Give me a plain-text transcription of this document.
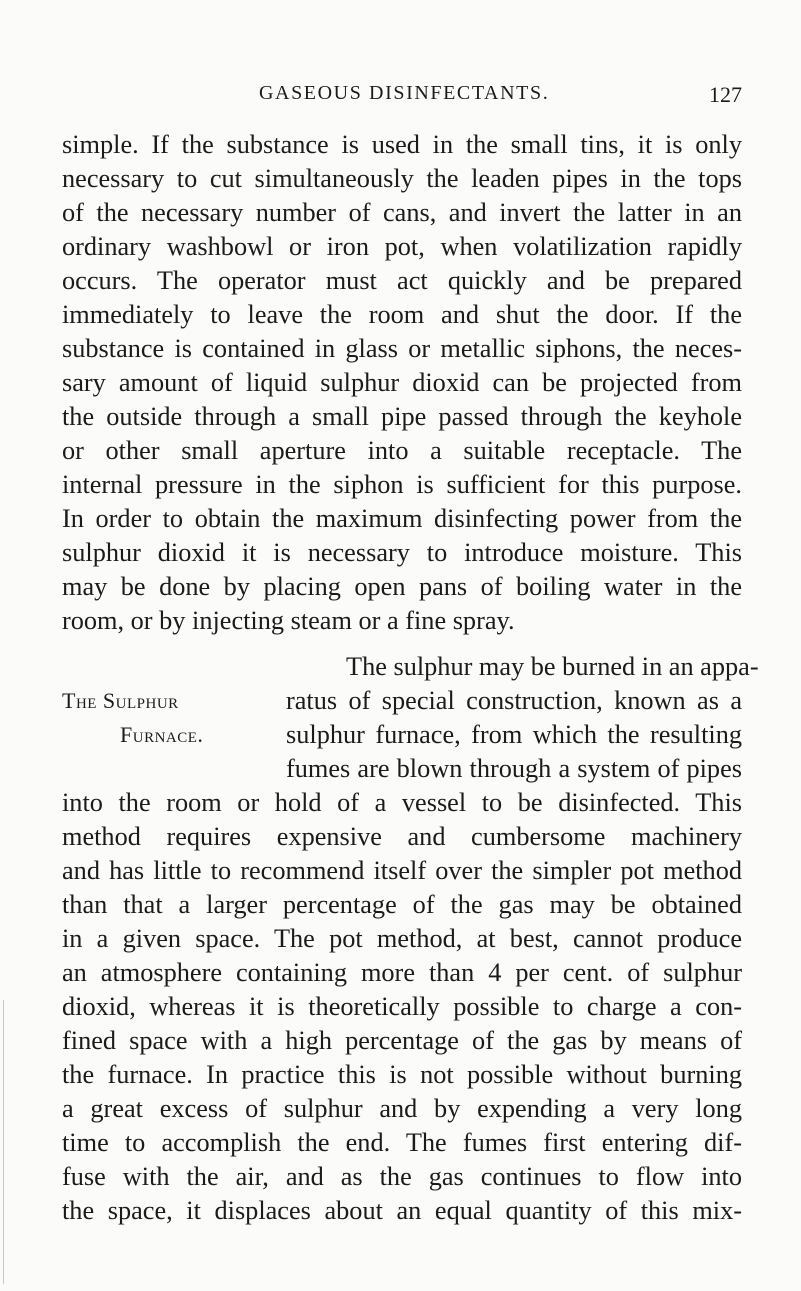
GASEOUS DISINFECTANTS.	127
simple. If the substance is used in the small tins, it is only
necessary to cut simultaneously the leaden pipes in the tops
of the necessary number of cans, and invert the latter in an
ordinary washbowl or iron pot, when volatilization rapidly
occurs. The operator must act quickly and be prepared
immediately to leave the room and shut the door. If the
substance is contained in glass or metallic siphons, the neces-
sary amount of liquid sulphur dioxid can be projected from
the outside through a small pipe passed through the keyhole
or other small aperture into a suitable receptacle. The
internal pressure in the siphon is sufficient for this purpose.
In order to obtain the maximum disinfecting power from the
sulphur dioxid it is necessary to introduce moisture. This
may be done by placing open pans of boiling water in the
room, or by injecting steam or a fine spray.
The Sulphur
Furnace.
The sulphur may be burned in an appa-
ratus of special construction, known as a
sulphur furnace, from which the resulting
fumes are blown through a system of pipes
into the room or hold of a vessel to be disinfected. This
method requires expensive and cumbersome machinery
and has little to recommend itself over the simpler pot method
than that a larger percentage of the gas may be obtained
in a given space. The pot method, at best, cannot produce
an atmosphere containing more than 4 per cent. of sulphur
dioxid, whereas it is theoretically possible to charge a con-
fined space with a high percentage of the gas by means of
the furnace. In practice this is not possible without burning
a great excess of sulphur and by expending a very long
time to accomplish the end. The fumes first entering dif-
fuse with the air, and as the gas continues to flow into
the space, it displaces about an equal quantity of this mix-
